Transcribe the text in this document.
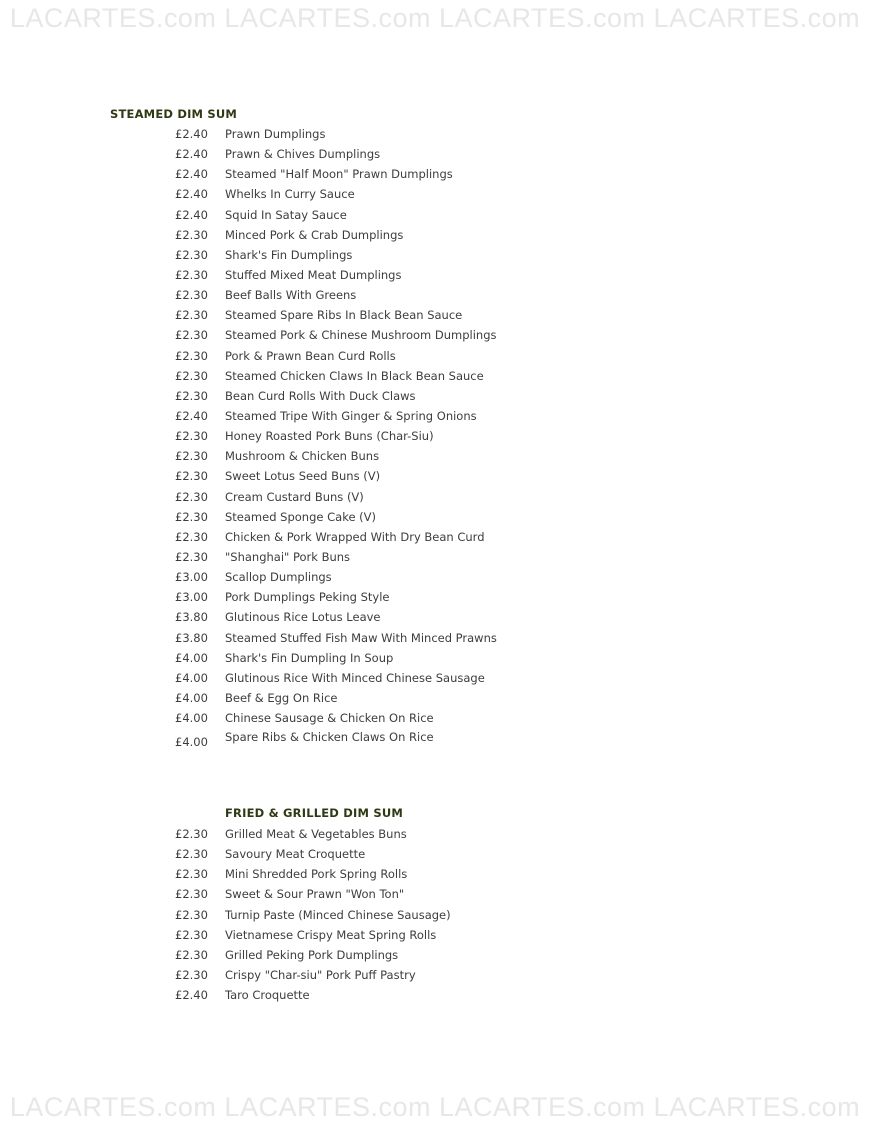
LACARTES.com LACARTES.com LACARTES.com LACARTES.com
STEAMED DIM SUM
£2.40	Prawn Dumplings
£2.40	Prawn & Chives Dumplings
£2.40	Steamed "Half Moon" Prawn Dumplings
£2.40	Whelks In Curry Sauce
£2.40	Squid In Satay Sauce
£2.30	Minced Pork & Crab Dumplings
£2.30	Shark's Fin Dumplings
£2.30	Stuffed Mixed Meat Dumplings
£2.30	Beef Balls With Greens
£2.30	Steamed Spare Ribs In Black Bean Sauce
£2.30	Steamed Pork & Chinese Mushroom Dumplings
£2.30	Pork & Prawn Bean Curd Rolls
£2.30	Steamed Chicken Claws In Black Bean Sauce
£2.30	Bean Curd Rolls With Duck Claws
£2.40	Steamed Tripe With Ginger & Spring Onions
£2.30	Honey Roasted Pork Buns (Char-Siu)
£2.30	Mushroom & Chicken Buns
£2.30	Sweet Lotus Seed Buns (V)
£2.30	Cream Custard Buns (V)
£2.30	Steamed Sponge Cake (V)
£2.30	Chicken & Pork Wrapped With Dry Bean Curd
£2.30	"Shanghai" Pork Buns
£3.00	Scallop Dumplings
£3.00	Pork Dumplings Peking Style
£3.80	Glutinous Rice Lotus Leave
£3.80	Steamed Stuffed Fish Maw With Minced Prawns
£4.00	Shark's Fin Dumpling In Soup
£4.00	Glutinous Rice With Minced Chinese Sausage
£4.00	Beef & Egg On Rice
£4.00	Chinese Sausage & Chicken On Rice
£4.00	Spare Ribs & Chicken Claws On Rice
FRIED & GRILLED DIM SUM
£2.30	Grilled Meat & Vegetables Buns
£2.30	Savoury Meat Croquette
£2.30	Mini Shredded Pork Spring Rolls
£2.30	Sweet & Sour Prawn "Won Ton"
£2.30	Turnip Paste (Minced Chinese Sausage)
£2.30	Vietnamese Crispy Meat Spring Rolls
£2.30	Grilled Peking Pork Dumplings
£2.30	Crispy "Char-siu" Pork Puff Pastry
£2.40	Taro Croquette
LACARTES.com LACARTES.com LACARTES.com LACARTES.com
